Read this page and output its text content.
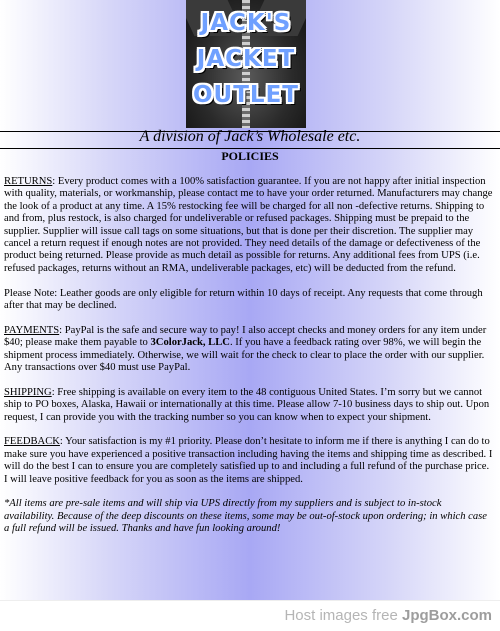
JACK'S
JACKET
OUTLET
A division of Jack’s Wholesale etc.
POLICIES

RETURNS: Every product comes with a 100% satisfaction guarantee. If you are not happy after initial inspection with quality, materials, or workmanship, please contact me to have your order returned. Manufacturers may change the look of a product at any time. A 15% restocking fee will be charged for all non -defective returns. Shipping to and from, plus restock, is also charged for undeliverable or refused packages. Shipping must be prepaid to the supplier. Supplier will issue call tags on some situations, but that is done per their discretion. The supplier may cancel a return request if enough notes are not provided. They need details of the damage or defectiveness of the product being returned. Please provide as much detail as possible for returns. Any additional fees from UPS (i.e. refused packages, returns without an RMA, undeliverable packages, etc) will be deducted from the refund.

Please Note: Leather goods are only eligible for return within 10 days of receipt. Any requests that come through after that may be declined.

PAYMENTS: PayPal is the safe and secure way to pay! I also accept checks and money orders for any item under $40; please make them payable to 3ColorJack, LLC. If you have a feedback rating over 98%, we will begin the shipment process immediately. Otherwise, we will wait for the check to clear to place the order with our supplier. Any transactions over $40 must use PayPal.

SHIPPING: Free shipping is available on every item to the 48 contiguous United States. I’m sorry but we cannot ship to PO boxes, Alaska, Hawaii or internationally at this time. Please allow 7-10 business days to ship out. Upon request, I can provide you with the tracking number so you can know when to expect your shipment.

FEEDBACK: Your satisfaction is my #1 priority. Please don’t hesitate to inform me if there is anything I can do to make sure you have experienced a positive transaction including having the items and shipping time as described. I will do the best I can to ensure you are completely satisfied up to and including a full refund of the purchase price. I will leave positive feedback for you as soon as the items are shipped.

*All items are pre-sale items and will ship via UPS directly from my suppliers and is subject to in-stock availability. Because of the deep discounts on these items, some may be out-of-stock upon ordering; in which case a full refund will be issued. Thanks and have fun looking around!

Host images free JpgBox.com
